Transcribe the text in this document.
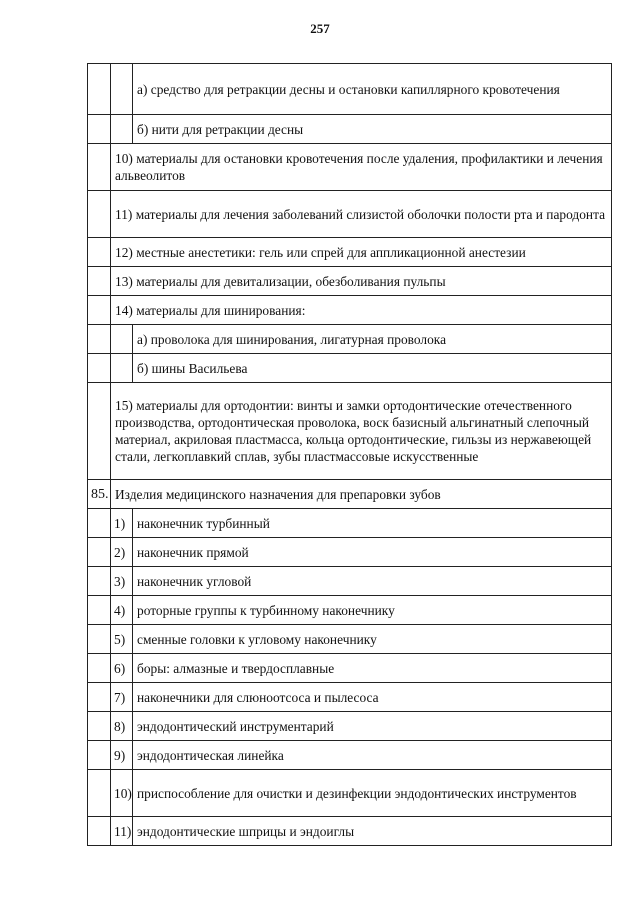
257
		а) средство для ретракции десны и остановки капиллярного кровотечения
		б) нити для ретракции десны
	10) материалы для остановки кровотечения после удаления, профилактики и лечения альвеолитов	
	11) материалы для лечения заболеваний слизистой оболочки полости рта и пародонта	
	12) местные анестетики: гель или спрей для аппликационной анестезии	
	13) материалы для девитализации, обезболивания пульпы	
	14) материалы для шинирования:	
		а) проволока для шинирования, лигатурная проволока
		б) шины Васильева
	15) материалы для ортодонтии: винты и замки ортодонтические отечественного производства, ортодонтическая проволока, воск базисный альгинатный слепочный материал, акриловая пластмасса, кольца ортодонтические, гильзы из нержавеющей стали, легкоплавкий сплав, зубы пластмассовые искусственные	
85.	Изделия медицинского назначения для препаровки зубов	
	1)	наконечник турбинный
	2)	наконечник прямой
	3)	наконечник угловой
	4)	роторные группы к турбинному наконечнику
	5)	сменные головки к угловому наконечнику
	6)	боры: алмазные и твердосплавные
	7)	наконечники для слюноотсоса и пылесоса
	8)	эндодонтический инструментарий
	9)	эндодонтическая линейка
	10)	приспособление для очистки и дезинфекции эндодонтических инструментов
	11)	эндодонтические шприцы и эндоиглы
